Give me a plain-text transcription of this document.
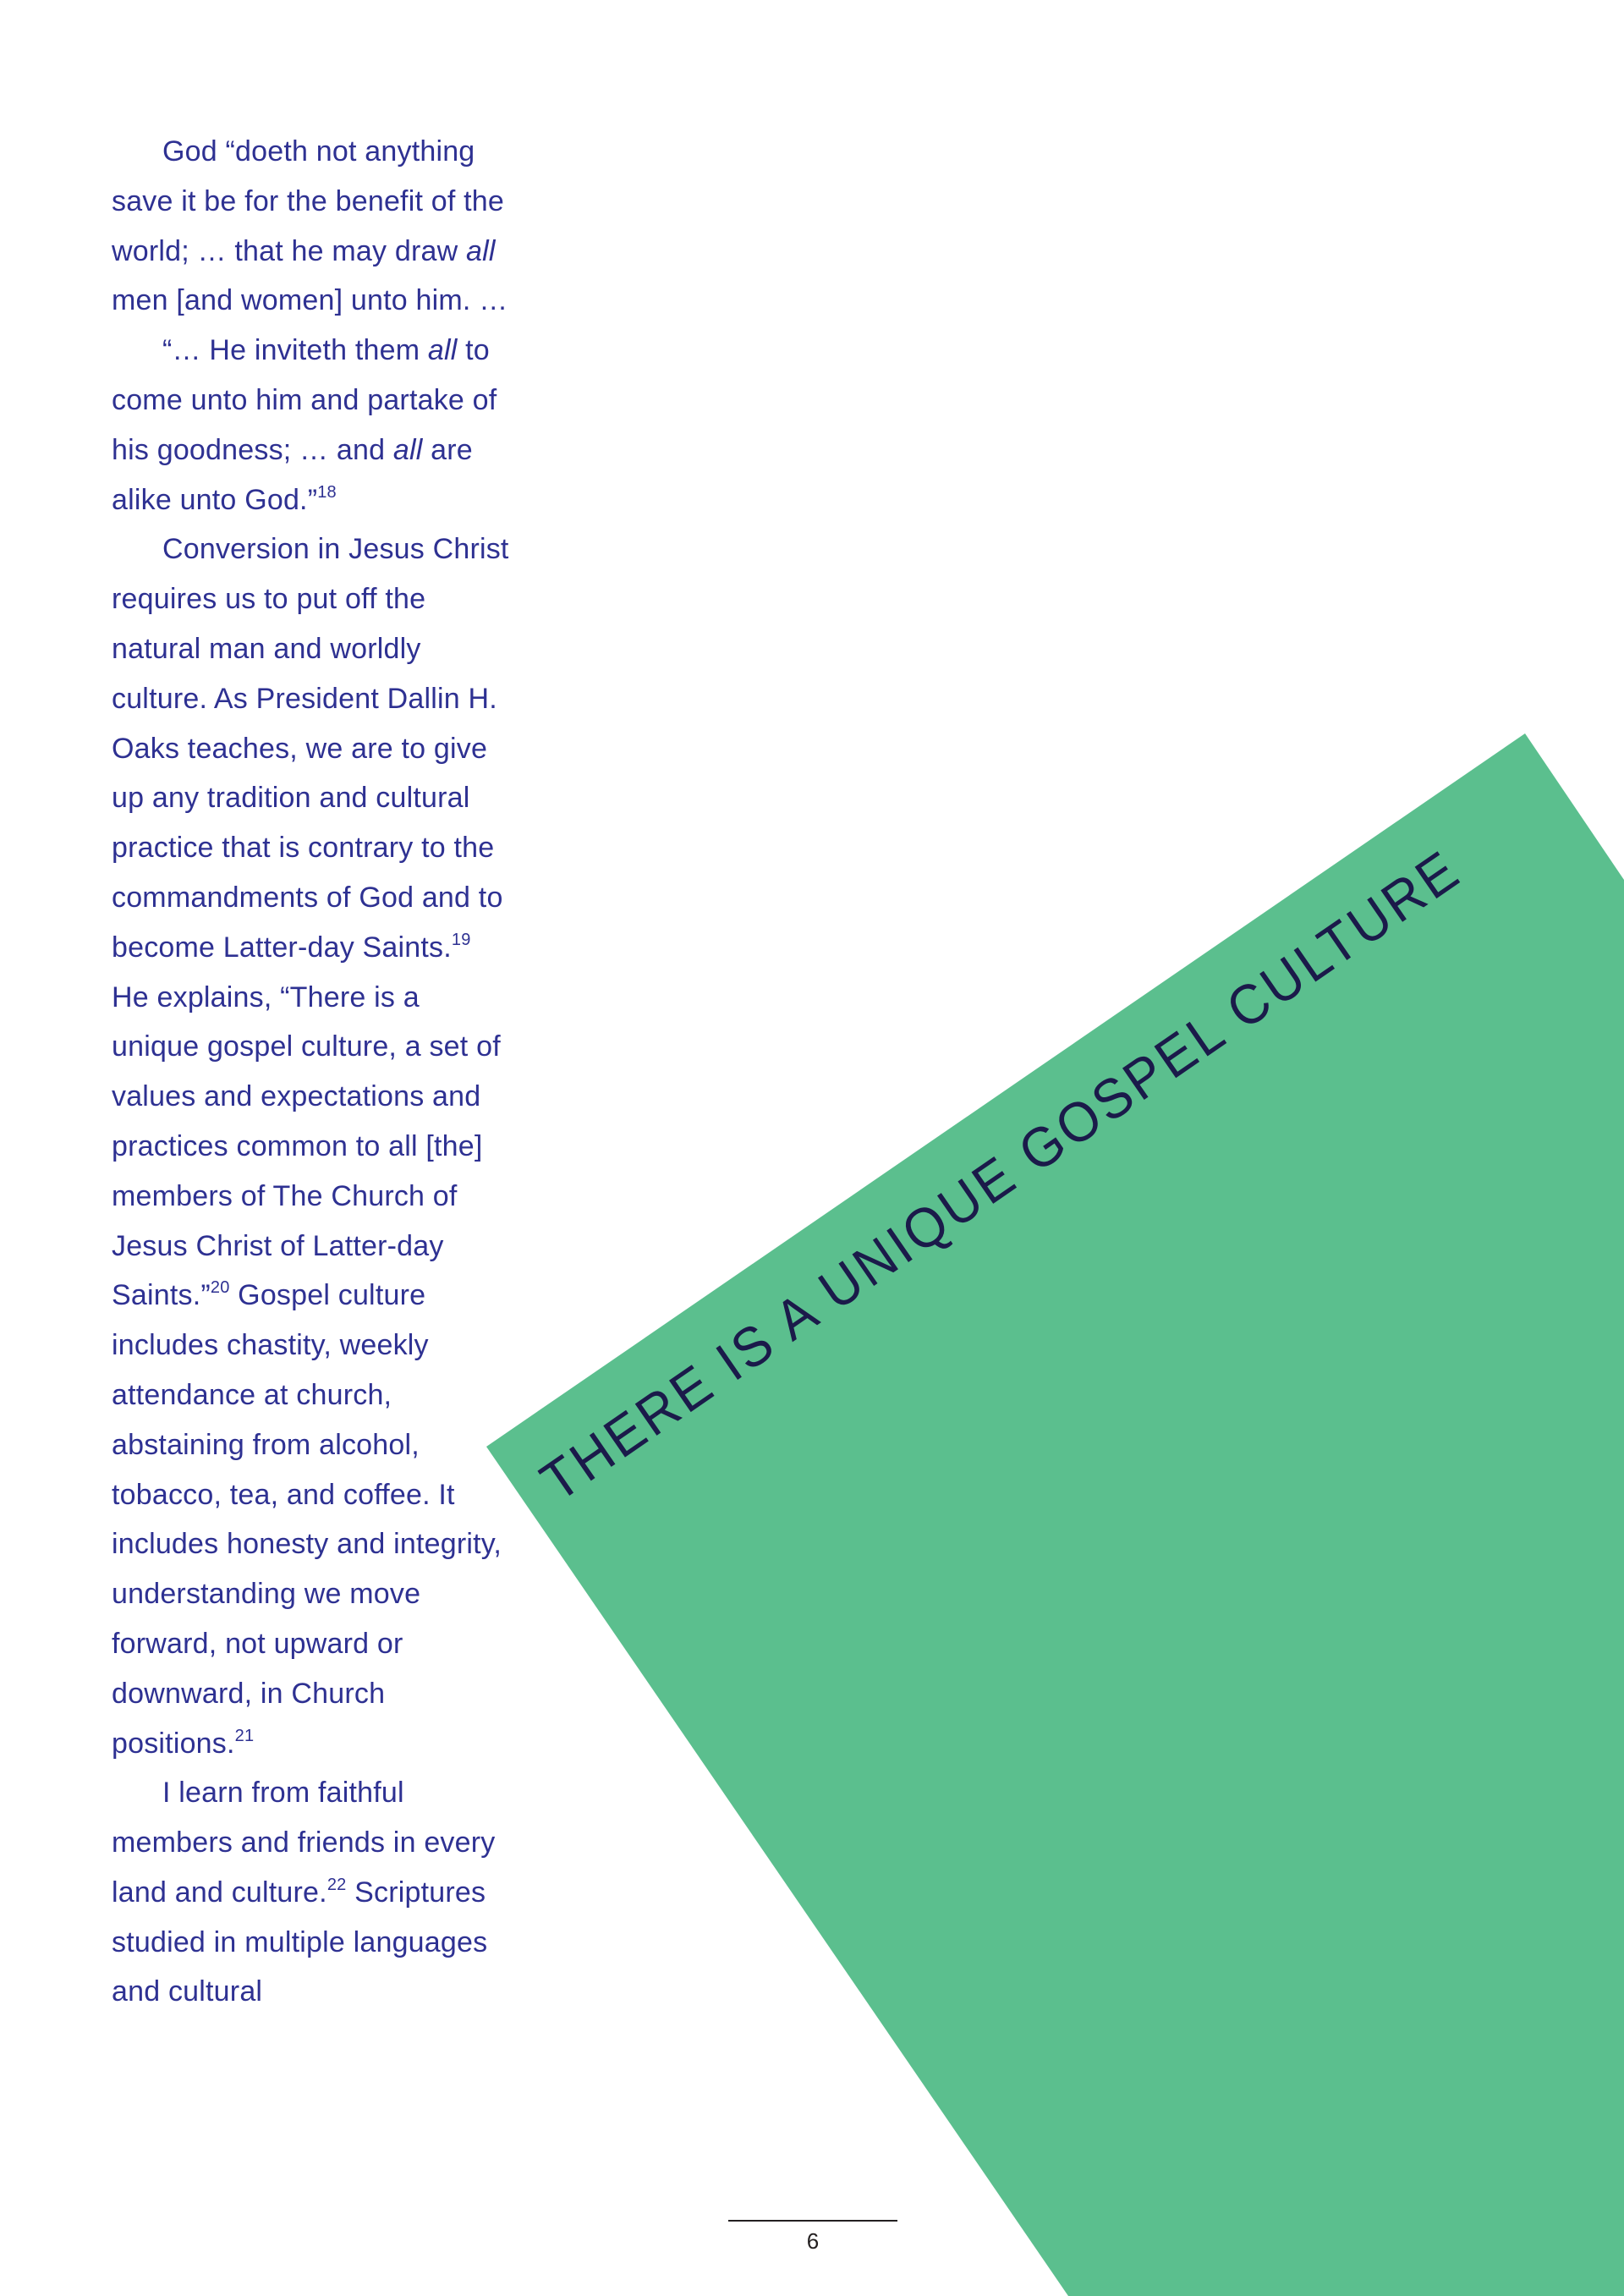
THERE IS A UNIQUE GOSPEL CULTURE

God “doeth not anything save it be for the benefit of the world; … that he may draw all men [and women] unto him. …

“… He inviteth them all to come unto him and partake of his goodness; … and all are alike unto God.”$^{18}$

Conversion in Jesus Christ requires us to put off the natural man and worldly culture. As President Dallin H. Oaks teaches, we are to give up any tradition and cultural practice that is contrary to the commandments of God and to become Latter-day Saints.$^{19}$ He explains, “There is a unique gospel culture, a set of values and expectations and practices common to all [the] members of The Church of Jesus Christ of Latter-day Saints.”$^{20}$ Gospel culture includes chastity, weekly attendance at church, abstaining from alcohol, tobacco, tea, and coffee. It includes honesty and integrity, understanding we move forward, not upward or downward, in Church positions.$^{21}$

I learn from faithful members and friends in every land and culture.$^{22}$ Scriptures studied in multiple languages and cultural

6
